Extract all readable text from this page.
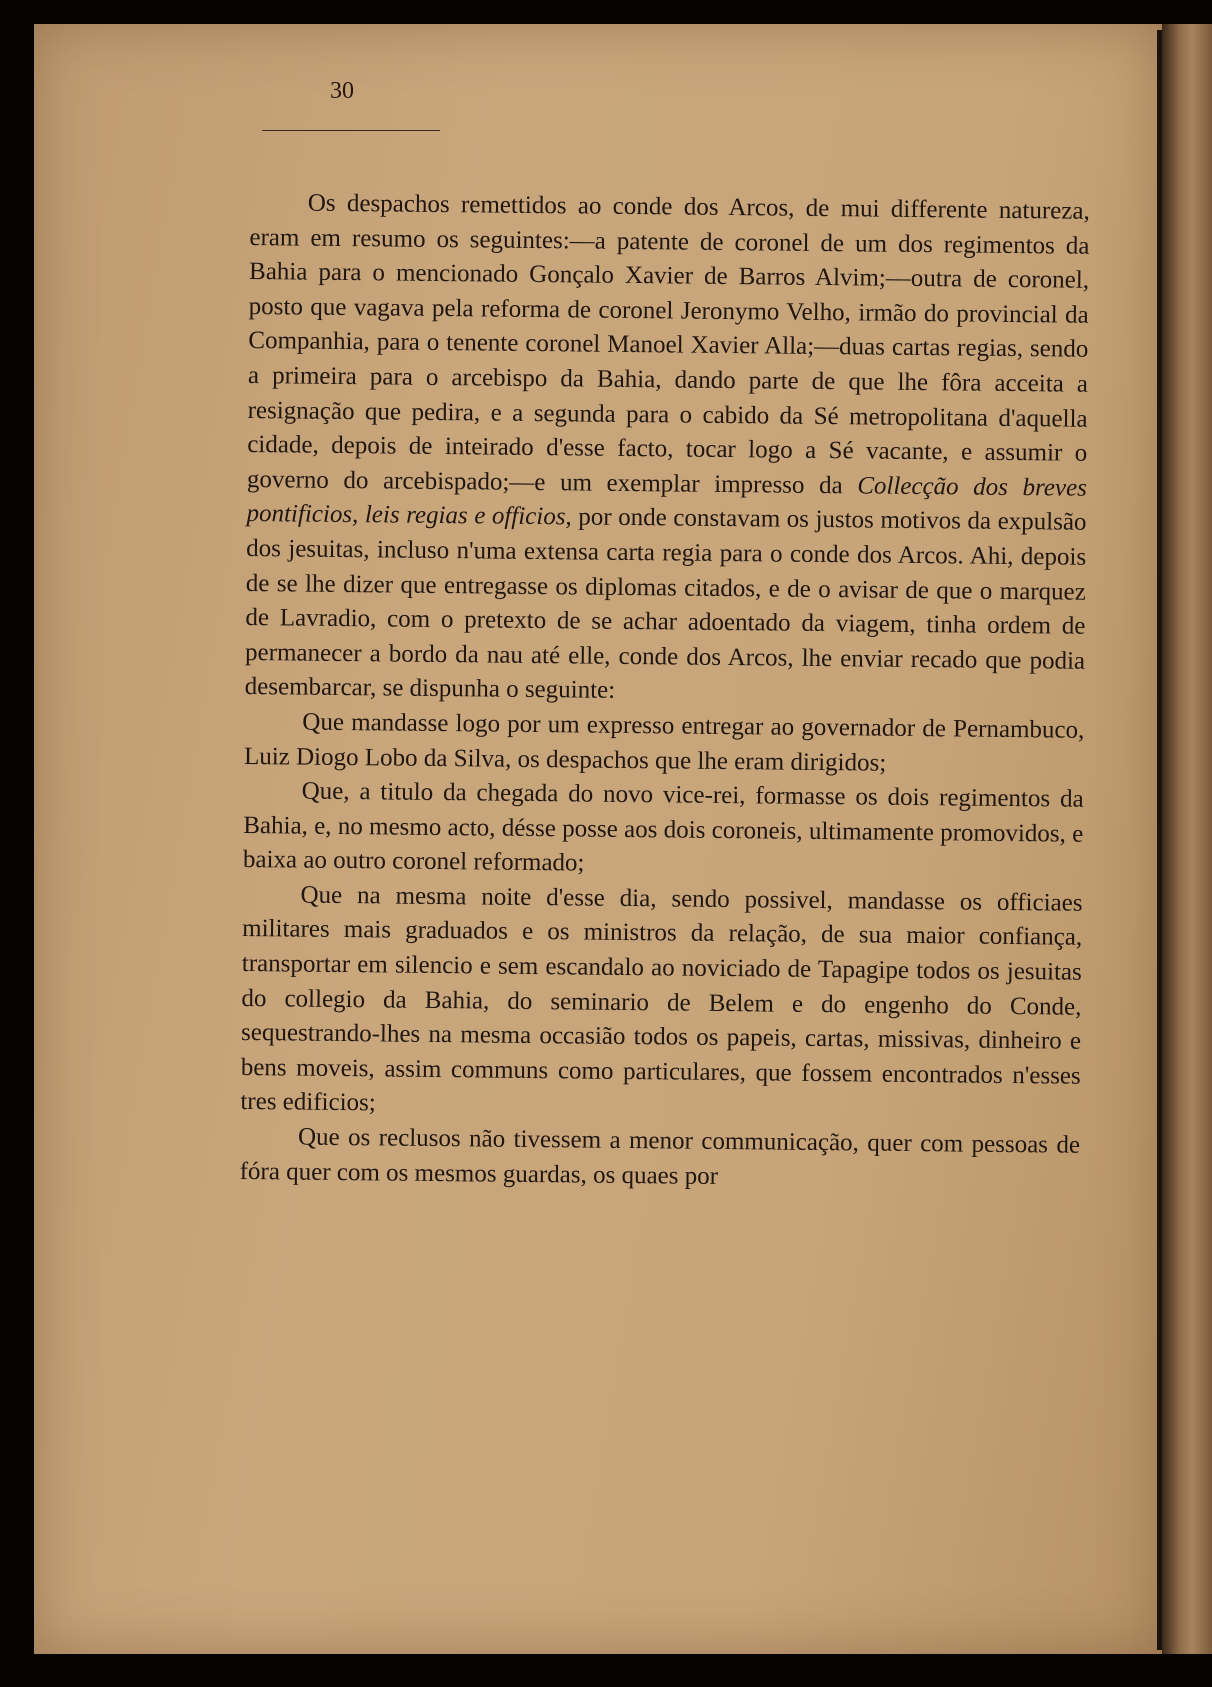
30

Os despachos remettidos ao conde dos Arcos, de mui differente natureza, eram em resumo os seguintes:—a patente de coronel de um dos regimentos da Bahia para o mencionado Gonçalo Xavier de Barros Alvim;—outra de coronel, posto que vagava pela reforma de coronel Jeronymo Velho, irmão do provincial da Companhia, para o tenente coronel Manoel Xavier Alla;—duas cartas regias, sendo a primeira para o arcebispo da Bahia, dando parte de que lhe fôra acceita a resignação que pedira, e a segunda para o cabido da Sé metropolitana d'aquella cidade, depois de inteirado d'esse facto, tocar logo a Sé vacante, e assumir o governo do arcebispado;—e um exemplar impresso da Collecção dos breves pontificios, leis regias e officios, por onde constavam os justos motivos da expulsão dos jesuitas, incluso n'uma extensa carta regia para o conde dos Arcos. Ahi, depois de se lhe dizer que entregasse os diplomas citados, e de o avisar de que o marquez de Lavradio, com o pretexto de se achar adoentado da viagem, tinha ordem de permanecer a bordo da nau até elle, conde dos Arcos, lhe enviar recado que podia desembarcar, se dispunha o seguinte:

Que mandasse logo por um expresso entregar ao governador de Pernambuco, Luiz Diogo Lobo da Silva, os despachos que lhe eram dirigidos;

Que, a titulo da chegada do novo vice-rei, formasse os dois regimentos da Bahia, e, no mesmo acto, désse posse aos dois coroneis, ultimamente promovidos, e baixa ao outro coronel reformado;

Que na mesma noite d'esse dia, sendo possivel, mandasse os officiaes militares mais graduados e os ministros da relação, de sua maior confiança, transportar em silencio e sem escandalo ao noviciado de Tapagipe todos os jesuitas do collegio da Bahia, do seminario de Belem e do engenho do Conde, sequestrando-lhes na mesma occasião todos os papeis, cartas, missivas, dinheiro e bens moveis, assim communs como particulares, que fossem encontrados n'esses tres edificios;

Que os reclusos não tivessem a menor communicação, quer com pessoas de fóra quer com os mesmos guardas, os quaes por
